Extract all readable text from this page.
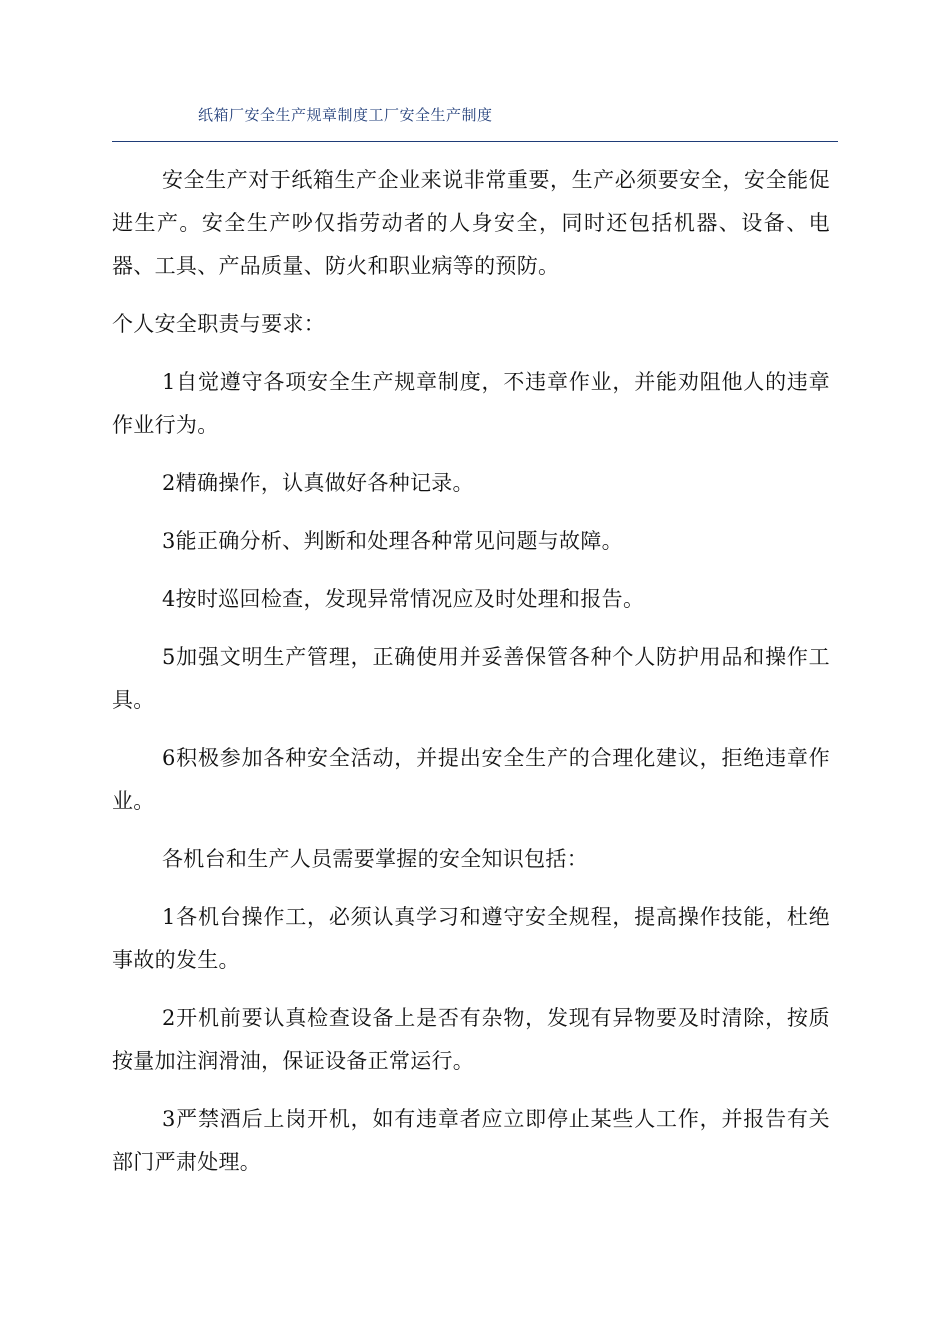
纸箱厂安全生产规章制度工厂安全生产制度

安全生产对于纸箱生产企业来说非常重要，生产必须要安全，安全能促进生产。安全生产吵仅指劳动者的人身安全，同时还包括机器、设备、电器、工具、产品质量、防火和职业病等的预防。

个人安全职责与要求：

1自觉遵守各项安全生产规章制度，不违章作业，并能劝阻他人的违章作业行为。

2精确操作，认真做好各种记录。

3能正确分析、判断和处理各种常见问题与故障。

4按时巡回检查，发现异常情况应及时处理和报告。

5加强文明生产管理，正确使用并妥善保管各种个人防护用品和操作工具。

6积极参加各种安全活动，并提出安全生产的合理化建议，拒绝违章作业。

各机台和生产人员需要掌握的安全知识包括：

1各机台操作工，必须认真学习和遵守安全规程，提高操作技能，杜绝事故的发生。

2开机前要认真检查设备上是否有杂物，发现有异物要及时清除，按质按量加注润滑油，保证设备正常运行。

3严禁酒后上岗开机，如有违章者应立即停止某些人工作，并报告有关部门严肃处理。
